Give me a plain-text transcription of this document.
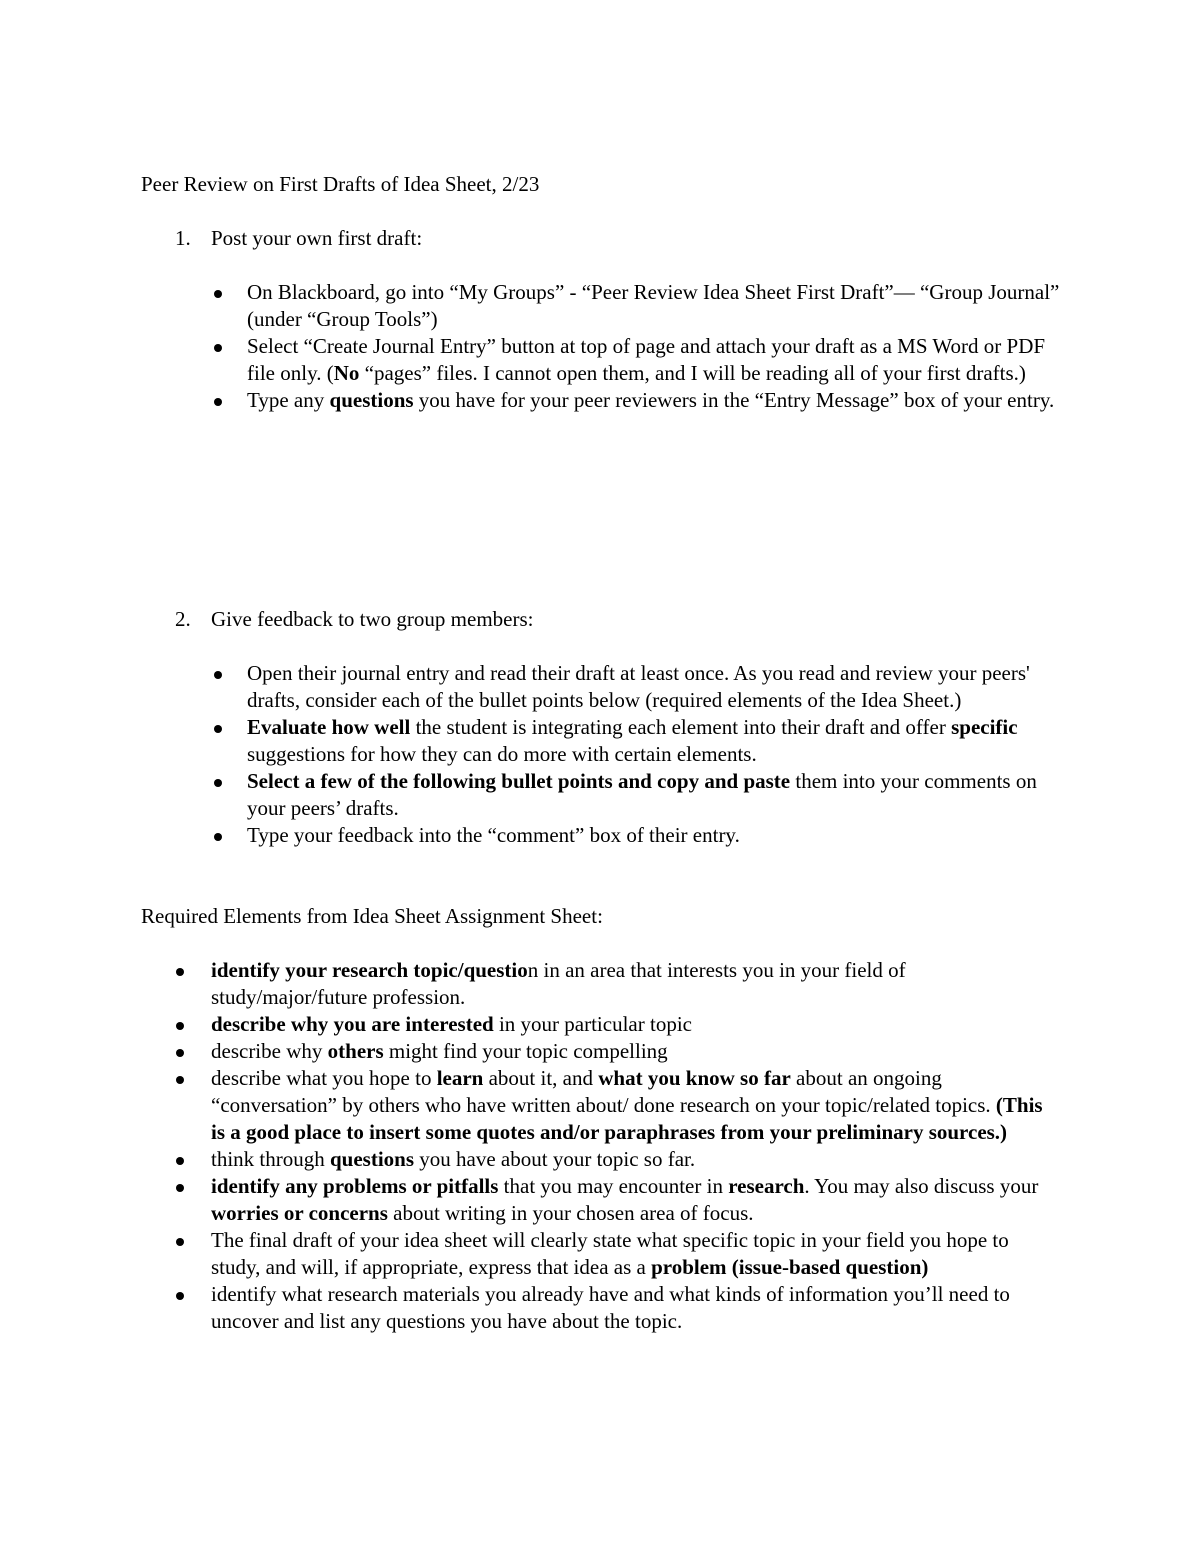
Peer Review on First Drafts of Idea Sheet, 2/23
1. Post your own first draft:
On Blackboard, go into “My Groups” - “Peer Review Idea Sheet First Draft”— “Group Journal” (under “Group Tools”)
Select “Create Journal Entry” button at top of page and attach your draft as a MS Word or PDF file only. (No “pages” files. I cannot open them, and I will be reading all of your first drafts.)
Type any questions you have for your peer reviewers in the “Entry Message” box of your entry.
2. Give feedback to two group members:
Open their journal entry and read their draft at least once. As you read and review your peers' drafts, consider each of the bullet points below (required elements of the Idea Sheet.)
Evaluate how well the student is integrating each element into their draft and offer specific suggestions for how they can do more with certain elements.
Select a few of the following bullet points and copy and paste them into your comments on your peers’ drafts.
Type your feedback into the “comment” box of their entry.
Required Elements from Idea Sheet Assignment Sheet:
identify your research topic/question in an area that interests you in your field of study/major/future profession.
describe why you are interested in your particular topic
describe why others might find your topic compelling
describe what you hope to learn about it, and what you know so far about an ongoing “conversation” by others who have written about/ done research on your topic/related topics. (This is a good place to insert some quotes and/or paraphrases from your preliminary sources.)
think through questions you have about your topic so far.
identify any problems or pitfalls that you may encounter in research. You may also discuss your worries or concerns about writing in your chosen area of focus.
The final draft of your idea sheet will clearly state what specific topic in your field you hope to study, and will, if appropriate, express that idea as a problem (issue-based question)
identify what research materials you already have and what kinds of information you’ll need to uncover and list any questions you have about the topic.
